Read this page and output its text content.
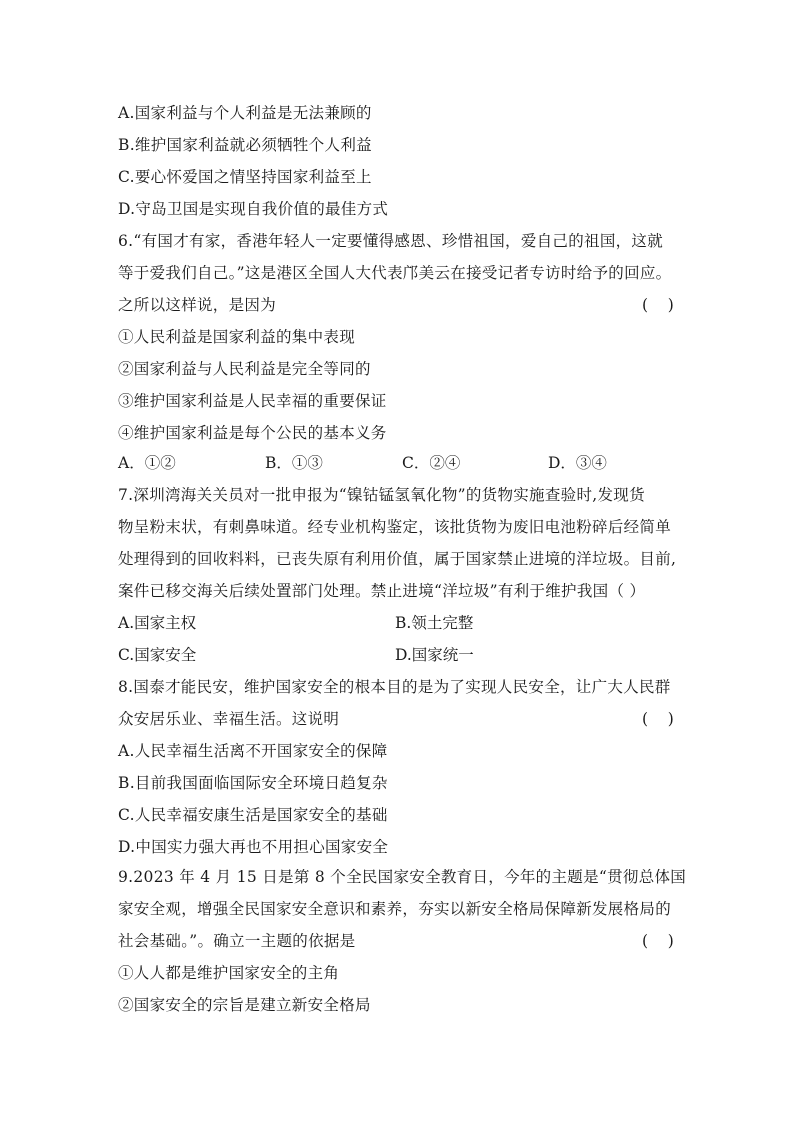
A.国家利益与个人利益是无法兼顾的
B.维护国家利益就必须牺牲个人利益
C.要心怀爱国之情坚持国家利益至上
D.守岛卫国是实现自我价值的最佳方式
6.“有国才有家，香港年轻人一定要懂得感恩、珍惜祖国，爱自己的祖国，这就
等于爱我们自己。”这是港区全国人大代表邝美云在接受记者专访时给予的回应。
之所以这样说，是因为	(    )
①人民利益是国家利益的集中表现
②国家利益与人民利益是完全等同的
③维护国家利益是人民幸福的重要保证
④维护国家利益是每个公民的基本义务
A．①②	B．①③	C．②④	D．③④
7.深圳湾海关关员对一批申报为“镍钴锰氢氧化物”的货物实施查验时,发现货
物呈粉末状，有刺鼻味道。经专业机构鉴定，该批货物为废旧电池粉碎后经简单
处理得到的回收料料，已丧失原有利用价值，属于国家禁止进境的洋垃圾。目前,
案件已移交海关后续处置部门处理。禁止进境“洋垃圾”有利于维护我国（ ）
A.国家主权	B.领土完整
C.国家安全	D.国家统一
8.国泰才能民安，维护国家安全的根本目的是为了实现人民安全，让广大人民群
众安居乐业、幸福生活。这说明	(    )
A.人民幸福生活离不开国家安全的保障
B.目前我国面临国际安全环境日趋复杂
C.人民幸福安康生活是国家安全的基础
D.中国实力强大再也不用担心国家安全
9.2023 年 4 月 15 日是第 8 个全民国家安全教育日，今年的主题是“贯彻总体国
家安全观，增强全民国家安全意识和素养，夯实以新安全格局保障新发展格局的
社会基础。”。确立一主题的依据是	(    )
①人人都是维护国家安全的主角
②国家安全的宗旨是建立新安全格局
